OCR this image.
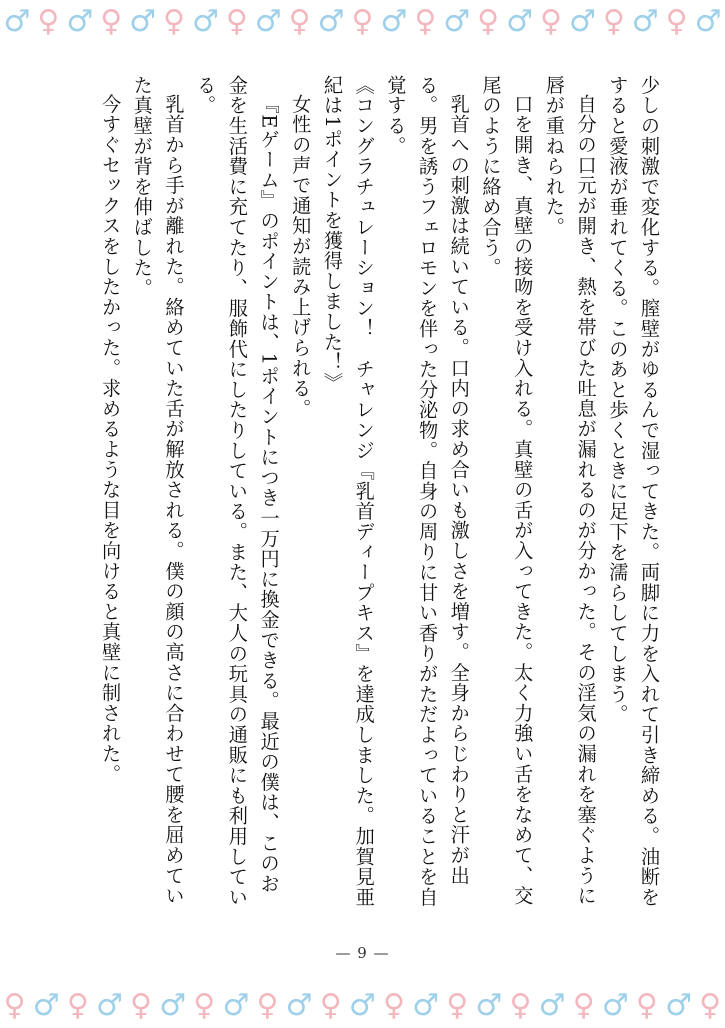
♂ ♀ ♂ ♀ ♂ ♀ ♂ ♀ ♂ ♀ ♂ ♀ ♂ ♀ ♂ ♀ ♂ ♀ ♂ ♀ ♂ ♀ ♂

少しの刺激で変化する。膣壁がゆるんで湿ってきた。両脚に力を入れて引き締める。油断をすると愛液が垂れてくる。このあと歩くときに足下を濡らしてしまう。

自分の口元が開き、熱を帯びた吐息が漏れるのが分かった。その淫気の漏れを塞ぐように唇が重ねられた。

口を開き、真壁の接吻を受け入れる。真壁の舌が入ってきた。太く力強い舌をなめて、交尾のように絡め合う。

乳首への刺激は続いている。口内の求め合いも激しさを増す。全身からじわりと汗が出る。男を誘うフェロモンを伴った分泌物。自身の周りに甘い香りがただよっていることを自覚する。

《コングラチュレーション！　チャレンジ『乳首ディープキス』を達成しました。加賀見亜紀は1ポイントを獲得しました！》

女性の声で通知が読み上げられる。

『Eゲーム』のポイントは、1ポイントにつき一万円に換金できる。最近の僕は、このお金を生活費に充てたり、服飾代にしたりしている。また、大人の玩具の通販にも利用している。

乳首から手が離れた。絡めていた舌が解放される。僕の顔の高さに合わせて腰を屈めていた真壁が背を伸ばした。

今すぐセックスをしたかった。求めるような目を向けると真壁に制された。

— 9 —
♀ ♂ ♀ ♂ ♀ ♂ ♀ ♂ ♀ ♂ ♀ ♂ ♀ ♂ ♀ ♂ ♀ ♂ ♀ ♂ ♀ ♂ ♀
